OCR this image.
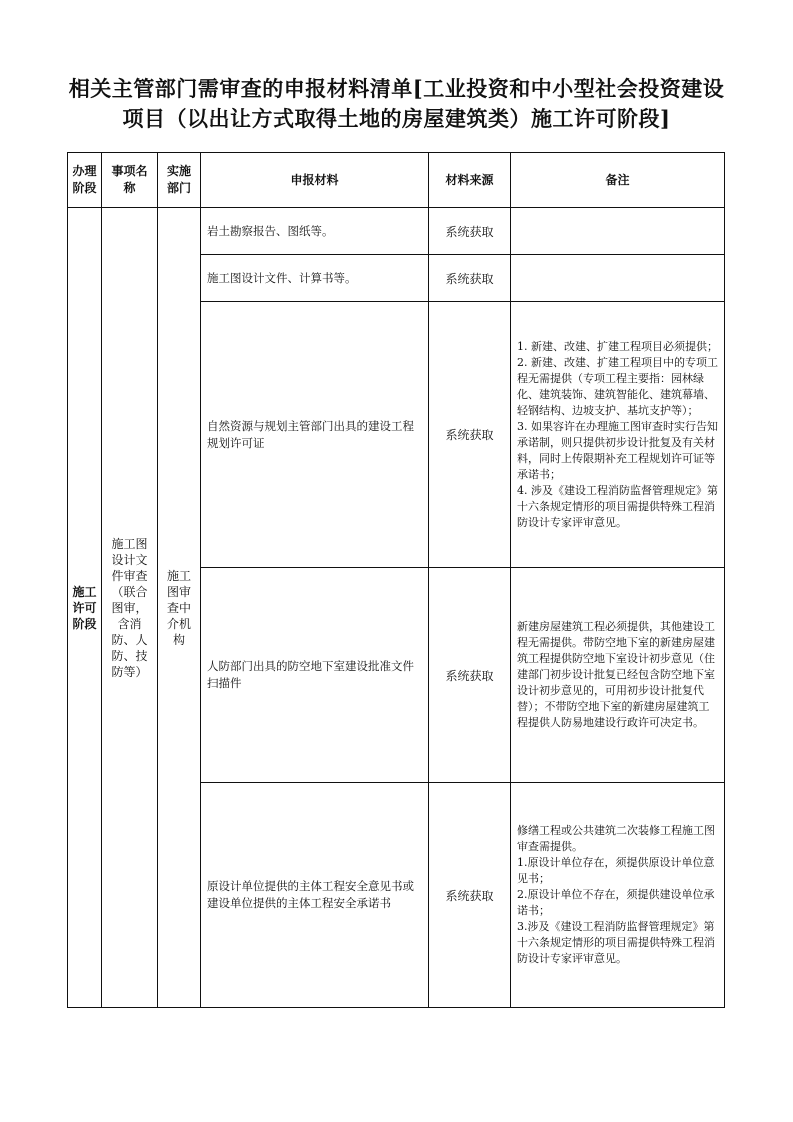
相关主管部门需审查的申报材料清单[工业投资和中小型社会投资建设
项目（以出让方式取得土地的房屋建筑类）施工许可阶段]
办理阶段	事项名称	实施部门	申报材料	材料来源	备注

施工许可阶段	施工图设计文件审查（联合图审，含消防、人防、技防等）	施工图审查中介机构	岩土勘察报告、图纸等。	系统获取	
			施工图设计文件、计算书等。	系统获取	
			自然资源与规划主管部门出具的建设工程规划许可证	系统获取	1. 新建、改建、扩建工程项目必须提供；

2. 新建、改建、扩建工程项目中的专项工程无需提供（专项工程主要指：园林绿化、建筑装饰、建筑智能化、建筑幕墙、轻钢结构、边坡支护、基坑支护等）；

3. 如果容许在办理施工图审查时实行告知承诺制，则只提供初步设计批复及有关材料，同时上传限期补充工程规划许可证等承诺书；

4. 涉及《建设工程消防监督管理规定》第十六条规定情形的项目需提供特殊工程消防设计专家评审意见。

			人防部门出具的防空地下室建设批准文件扫描件	系统获取	新建房屋建筑工程必须提供，其他建设工程无需提供。带防空地下室的新建房屋建筑工程提供防空地下室设计初步意见（住建部门初步设计批复已经包含防空地下室设计初步意见的，可用初步设计批复代替）；不带防空地下室的新建房屋建筑工程提供人防易地建设行政许可决定书。

			原设计单位提供的主体工程安全意见书或建设单位提供的主体工程安全承诺书	系统获取	修缮工程或公共建筑二次装修工程施工图审查需提供。

1.原设计单位存在，须提供原设计单位意见书；

2.原设计单位不存在，须提供建设单位承诺书；

3.涉及《建设工程消防监督管理规定》第十六条规定情形的项目需提供特殊工程消防设计专家评审意见。
